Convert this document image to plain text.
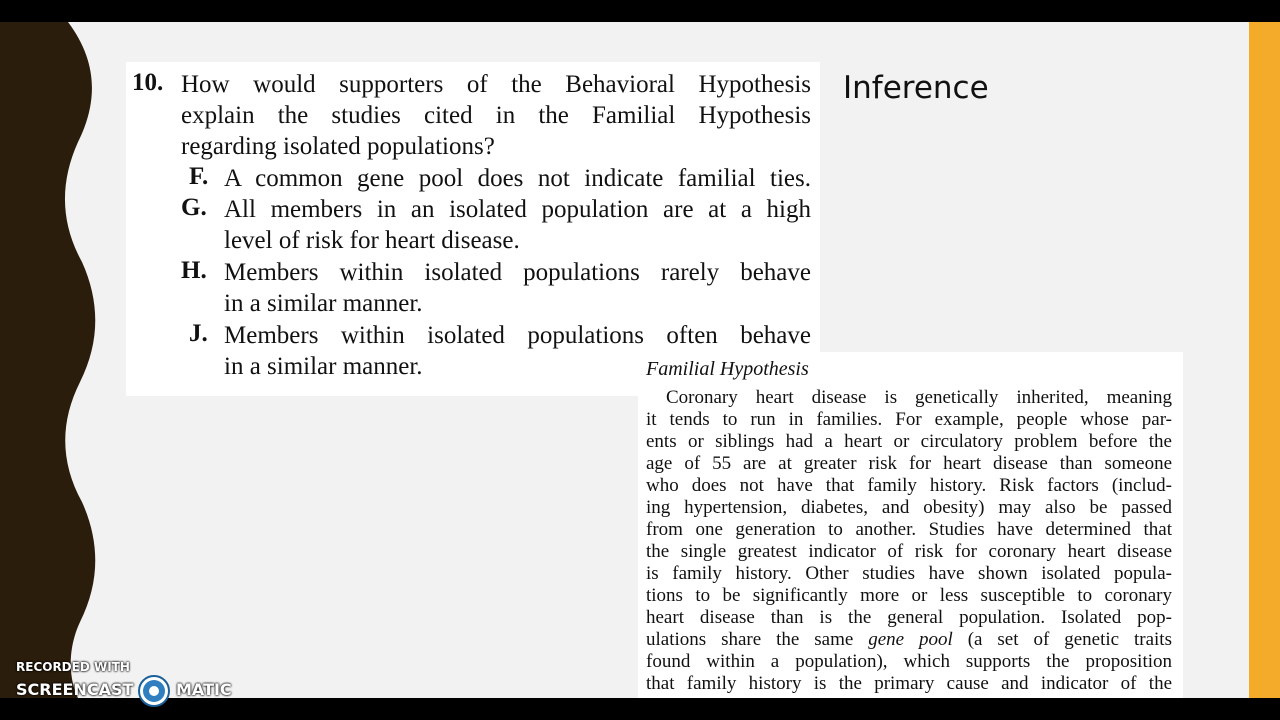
10. How would supporters of the Behavioral Hypothesis
explain the studies cited in the Familial Hypothesis
regarding isolated populations?
F. A common gene pool does not indicate familial ties.
G. All members in an isolated population are at a high
level of risk for heart disease.
H. Members within isolated populations rarely behave
in a similar manner.
J. Members within isolated populations often behave
in a similar manner.
Inference
Familial Hypothesis
Coronary heart disease is genetically inherited, meaning
it tends to run in families. For example, people whose par-
ents or siblings had a heart or circulatory problem before the
age of 55 are at greater risk for heart disease than someone
who does not have that family history. Risk factors (includ-
ing hypertension, diabetes, and obesity) may also be passed
from one generation to another. Studies have determined that
the single greatest indicator of risk for coronary heart disease
is family history. Other studies have shown isolated popula-
tions to be significantly more or less susceptible to coronary
heart disease than is the general population. Isolated pop-
ulations share the same gene pool (a set of genetic traits
found within a population), which supports the proposition
that family history is the primary cause and indicator of the
RECORDED WITH
SCREENCAST	MATIC
